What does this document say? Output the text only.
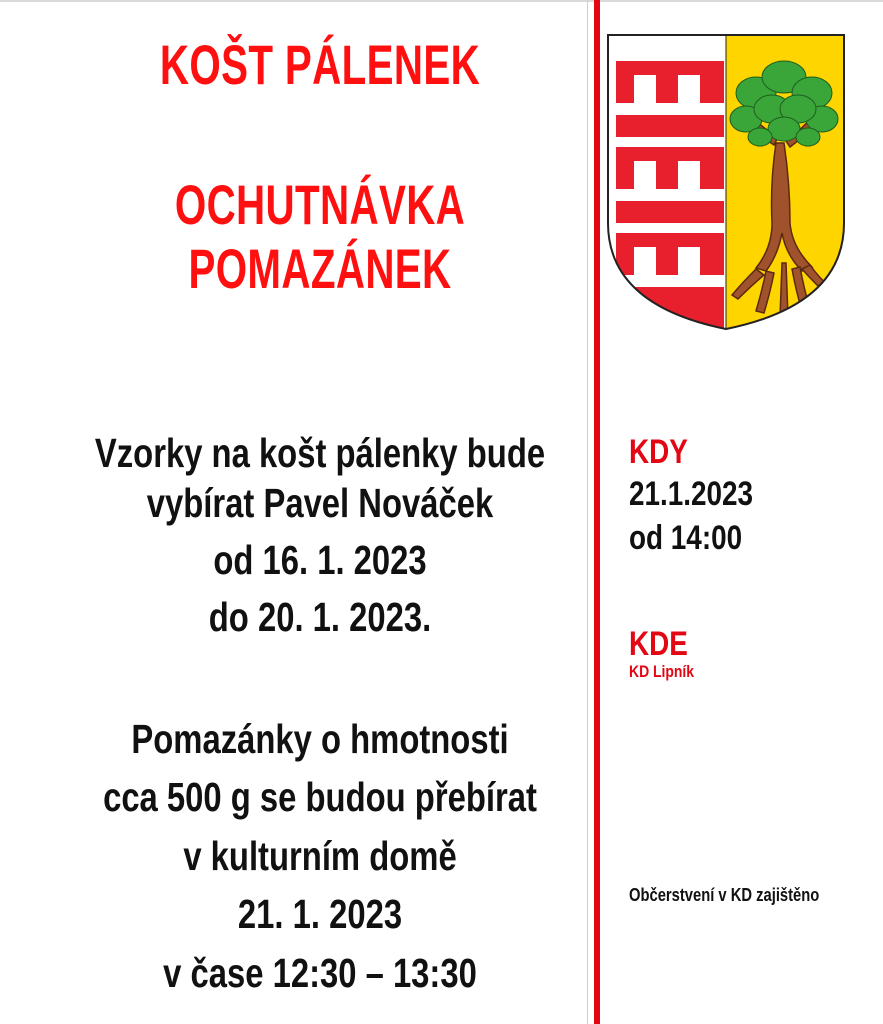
KOŠT PÁLENEK
OCHUTNÁVKA
POMAZÁNEK
Vzorky na košt pálenky bude
vybírat Pavel Nováček
od 16. 1. 2023
do 20. 1. 2023.
Pomazánky o hmotnosti
cca 500 g se budou přebírat
v kulturním domě
21. 1. 2023
v čase 12:30 – 13:30
KDY
21.1.2023
od 14:00
KDE
KD Lipník
Občerstvení v KD zajištěno
